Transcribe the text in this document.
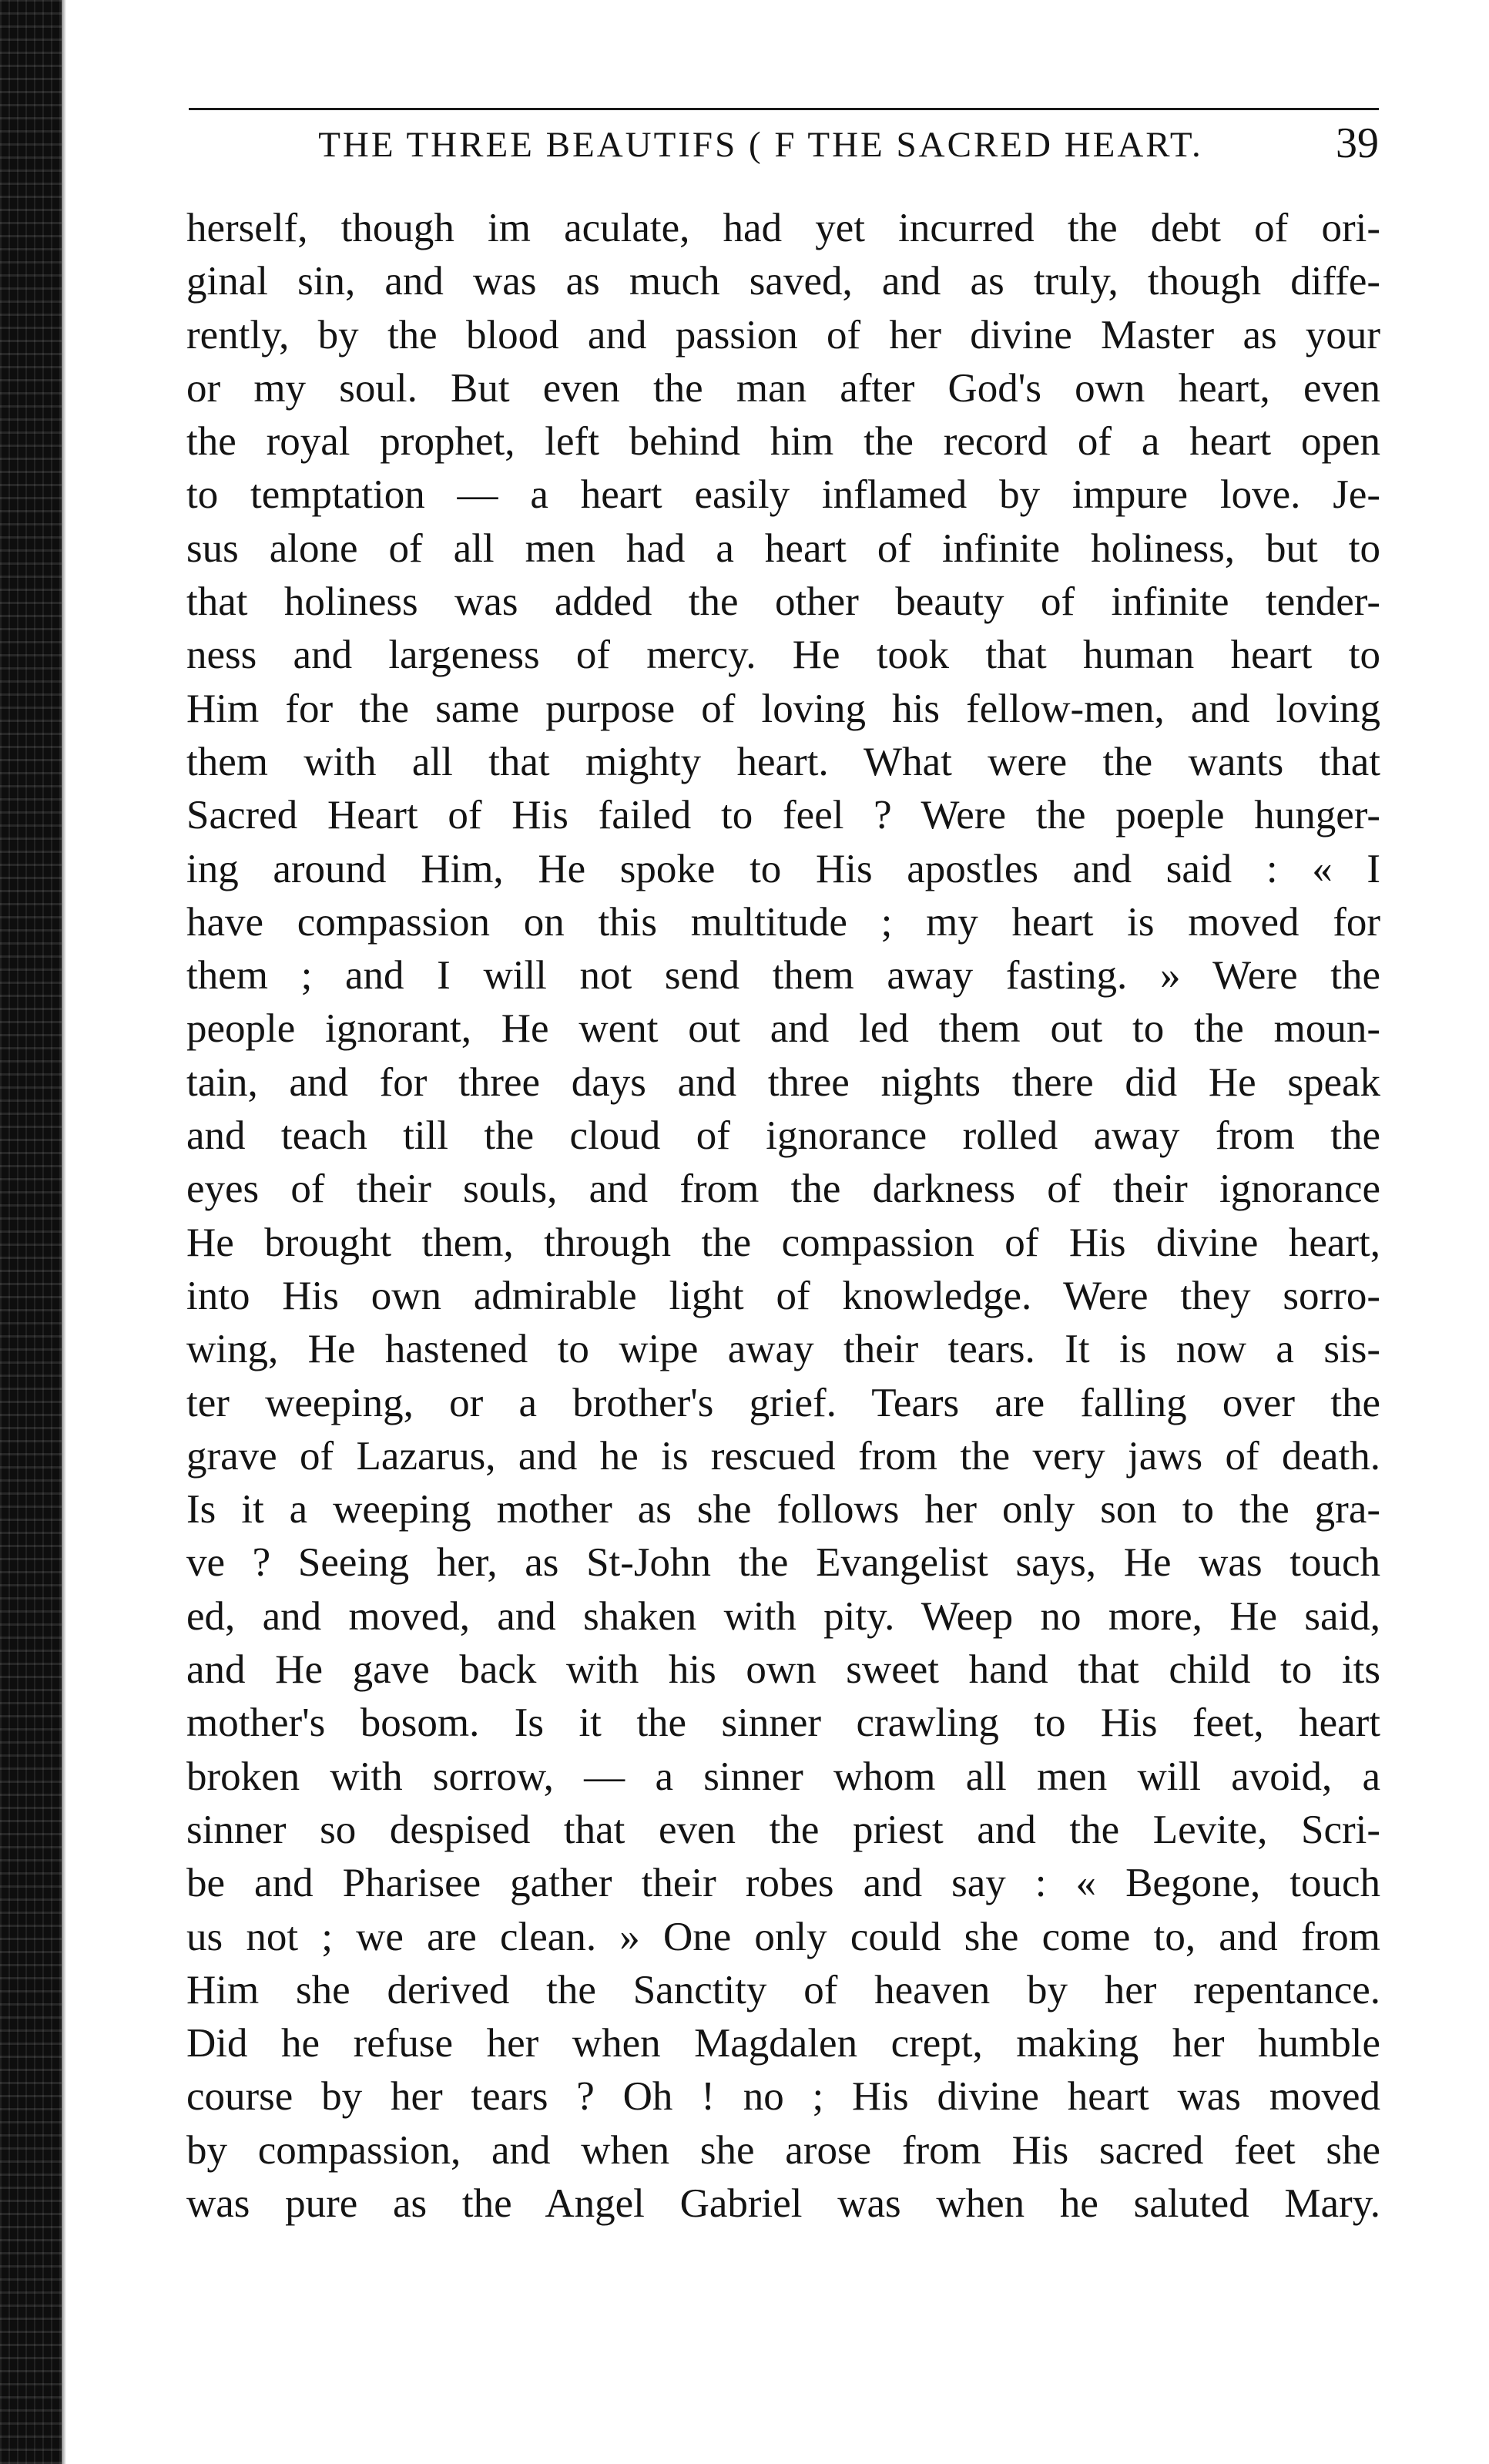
THE THREE BEAUTIFS ( F THE SACRED HEART.	39
herself, though im aculate, had yet incurred the debt of ori-
ginal sin, and was as much saved, and as truly, though diffe-
rently, by the blood and passion of her divine Master as your
or my soul. But even the man after God's own heart, even
the royal prophet, left behind him the record of a heart open
to temptation — a heart easily inflamed by impure love. Je-
sus alone of all men had a heart of infinite holiness, but to
that holiness was added the other beauty of infinite tender-
ness and largeness of mercy. He took that human heart to
Him for the same purpose of loving his fellow-men, and loving
them with all that mighty heart. What were the wants that
Sacred Heart of His failed to feel ? Were the poeple hunger-
ing around Him, He spoke to His apostles and said : « I
have compassion on this multitude ; my heart is moved for
them ; and I will not send them away fasting. » Were the
people ignorant, He went out and led them out to the moun-
tain, and for three days and three nights there did He speak
and teach till the cloud of ignorance rolled away from the
eyes of their souls, and from the darkness of their ignorance
He brought them, through the compassion of His divine heart,
into His own admirable light of knowledge. Were they sorro-
wing, He hastened to wipe away their tears. It is now a sis-
ter weeping, or a brother's grief. Tears are falling over the
grave of Lazarus, and he is rescued from the very jaws of death.
Is it a weeping mother as she follows her only son to the gra-
ve ? Seeing her, as St-John the Evangelist says, He was touch
ed, and moved, and shaken with pity. Weep no more, He said,
and He gave back with his own sweet hand that child to its
mother's bosom. Is it the sinner crawling to His feet, heart
broken with sorrow, — a sinner whom all men will avoid, a
sinner so despised that even the priest and the Levite, Scri-
be and Pharisee gather their robes and say : « Begone, touch
us not ; we are clean. » One only could she come to, and from
Him she derived the Sanctity of heaven by her repentance.
Did he refuse her when Magdalen crept, making her humble
course by her tears ? Oh ! no ; His divine heart was moved
by compassion, and when she arose from His sacred feet she
was pure as the Angel Gabriel was when he saluted Mary.
